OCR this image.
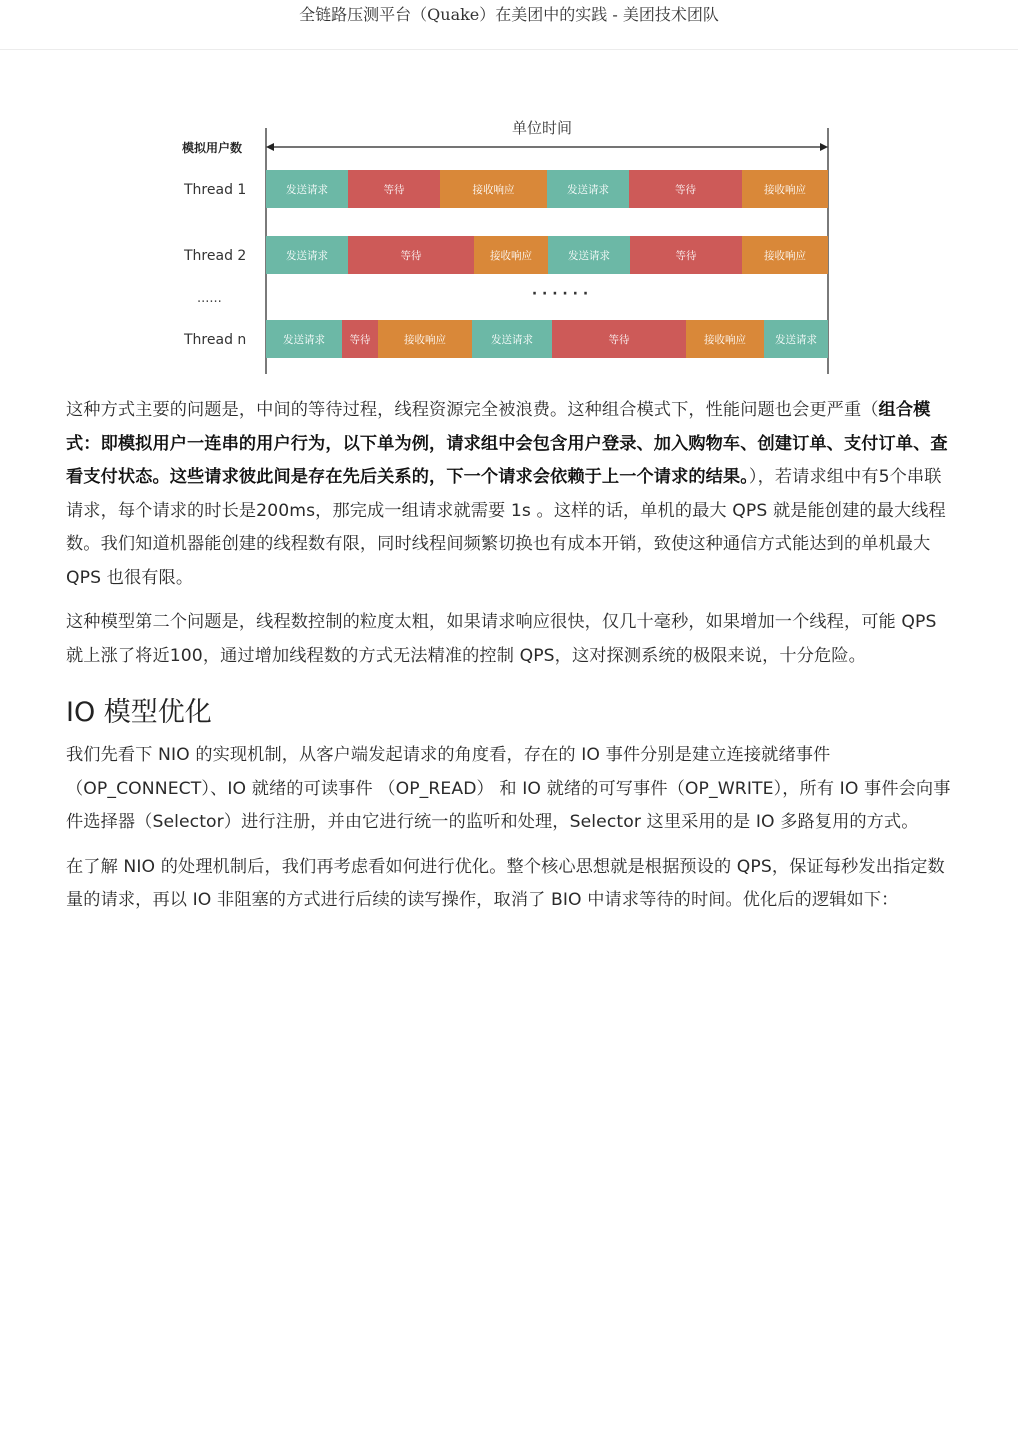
全链路压测平台（Quake）在美团中的实践 - 美团技术团队
单位时间
模拟用户数
Thread 1	发送请求	等待	接收响应	发送请求	等待	接收响应
Thread 2	发送请求	等待	接收响应	发送请求	等待	接收响应
Thread n	发送请求 等待	接收响应	发送请求	等待	接收响应	发送请求
......	· · · · · ·

这种方式主要的问题是，中间的等待过程，线程资源完全被浪费。这种组合模式下，性能问题也会更严重（组合模式：即模拟用户一连串的用户行为，以下单为例，请求组中会包含用户登录、加入购物车、创建订单、支付订单、查看支付状态。这些请求彼此间是存在先后关系的，下一个请求会依赖于上一个请求的结果。），若请求组中有5个串联请求，每个请求的时长是200ms，那完成一组请求就需要 1s 。这样的话，单机的最大 QPS 就是能创建的最大线程数。我们知道机器能创建的线程数有限，同时线程间频繁切换也有成本开销，致使这种通信方式能达到的单机最大 QPS 也很有限。

这种模型第二个问题是，线程数控制的粒度太粗，如果请求响应很快，仅几十毫秒，如果增加一个线程，可能 QPS 就上涨了将近100，通过增加线程数的方式无法精准的控制 QPS，这对探测系统的极限来说，十分危险。

IO 模型优化

我们先看下 NIO 的实现机制，从客户端发起请求的角度看，存在的 IO 事件分别是建立连接就绪事件（OP_CONNECT）、IO 就绪的可读事件 （OP_READ） 和 IO 就绪的可写事件（OP_WRITE），所有 IO 事件会向事件选择器（Selector）进行注册，并由它进行统一的监听和处理，Selector 这里采用的是 IO 多路复用的方式。

在了解 NIO 的处理机制后，我们再考虑看如何进行优化。整个核心思想就是根据预设的 QPS，保证每秒发出指定数量的请求，再以 IO 非阻塞的方式进行后续的读写操作，取消了 BIO 中请求等待的时间。优化后的逻辑如下：
